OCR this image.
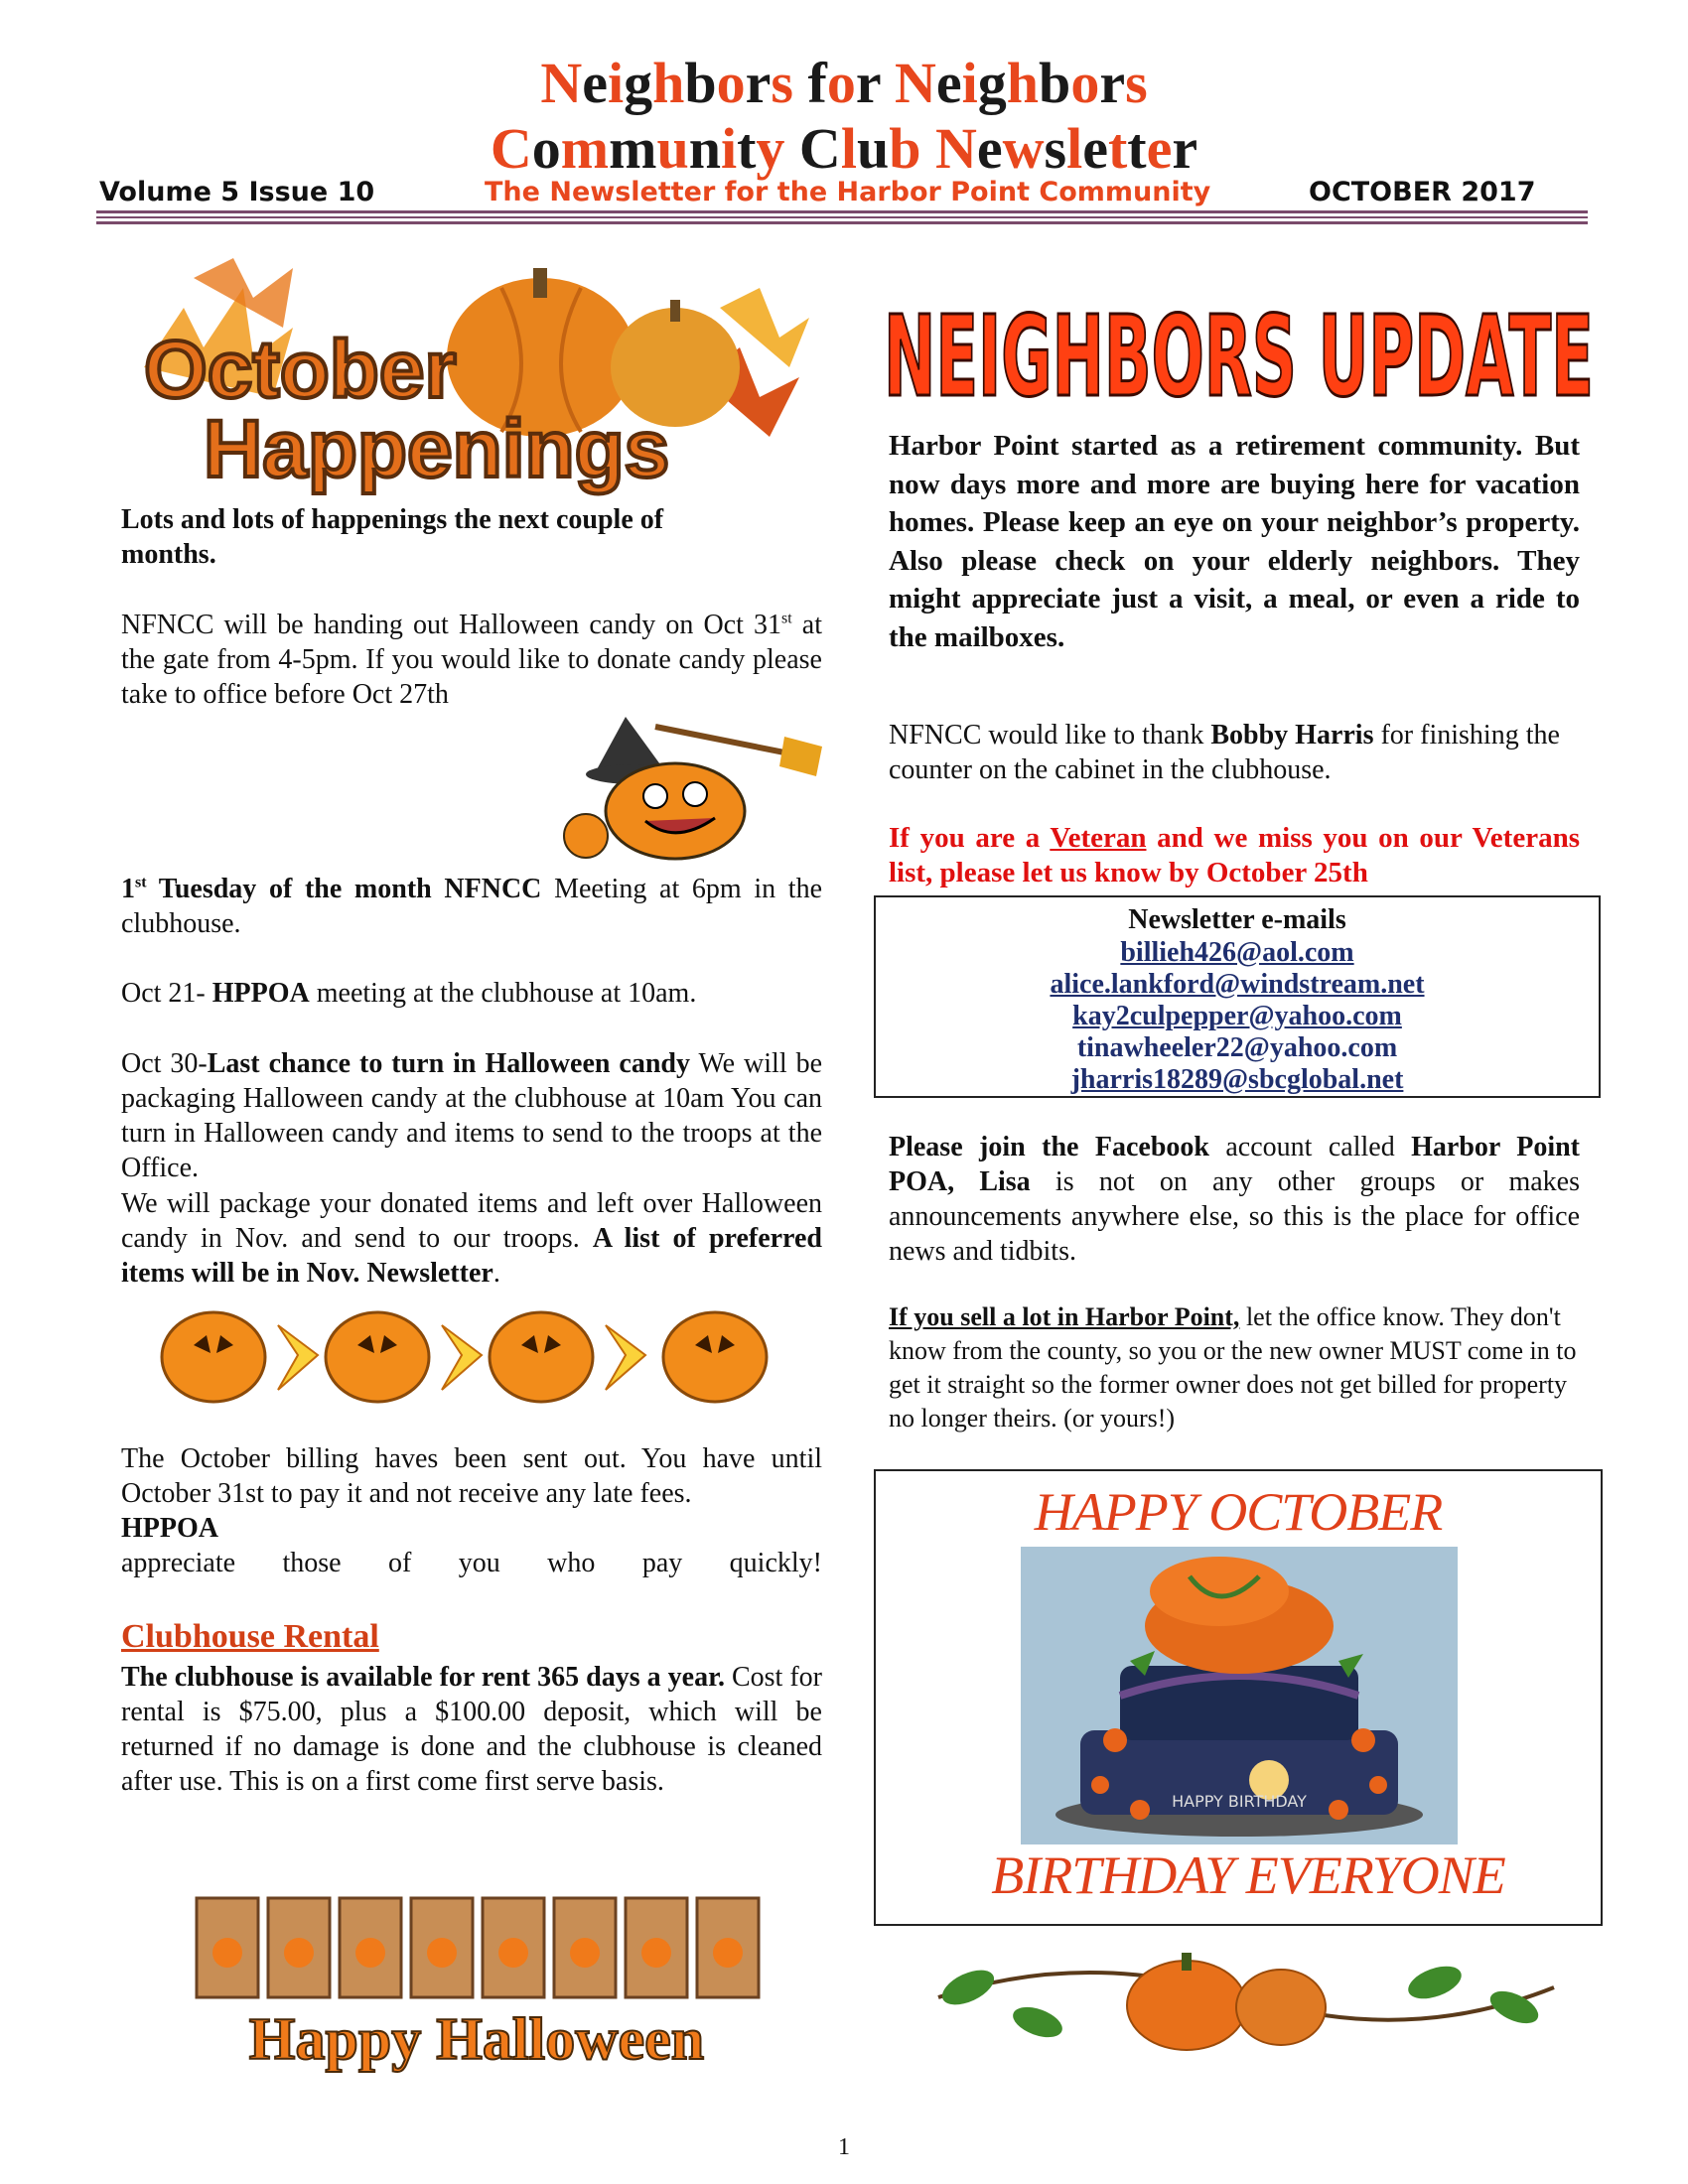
Neighbors for Neighbors
Community Club Newsletter
Volume 5 Issue 10	The Newsletter for the Harbor Point Community	OCTOBER 2017
October
Happenings
Lots and lots of happenings the next couple of months.
NFNCC will be handing out Halloween candy on Oct 31st at the gate from 4-5pm. If you would like to donate candy please take to office before Oct 27th
1st Tuesday of the month NFNCC Meeting at 6pm in the clubhouse.
Oct 21- HPPOA meeting at the clubhouse at 10am.
Oct 30-Last chance to turn in Halloween candy We will be packaging Halloween candy at the clubhouse at 10am You can turn in Halloween candy and items to send to the troops at the Office.
We will package your donated items and left over Halloween candy in Nov. and send to our troops. A list of preferred items will be in Nov. Newsletter.
The October billing haves been sent out. You have until October 31st to pay it and not receive any late fees.
HPPOA
appreciate those of you who pay quickly!
Clubhouse Rental
The clubhouse is available for rent 365 days a year. Cost for rental is $75.00, plus a $100.00 deposit, which will be returned if no damage is done and the clubhouse is cleaned after use. This is on a first come first serve basis.
Happy Halloween
NEIGHBORS UPDATE
Harbor Point started as a retirement community. But now days more and more are buying here for vacation homes. Please keep an eye on your neighbor’s property. Also please check on your elderly neighbors. They might appreciate just a visit, a meal, or even a ride to the mailboxes.
NFNCC would like to thank Bobby Harris for finishing the counter on the cabinet in the clubhouse.
If you are a Veteran and we miss you on our Veterans list, please let us know by October 25th
Newsletter e-mails
billieh426@aol.com
alice.lankford@windstream.net
kay2culpepper@yahoo.com
tinawheeler22@yahoo.com
jharris18289@sbcglobal.net
Please join the Facebook account called Harbor Point POA, Lisa is not on any other groups or makes announcements anywhere else, so this is the place for office news and tidbits.
If you sell a lot in Harbor Point, let the office know. They don't know from the county, so you or the new owner MUST come in to get it straight so the former owner does not get billed for property no longer theirs. (or yours!)
HAPPY OCTOBER
HAPPY BIRTHDAY
BIRTHDAY EVERYONE
1
